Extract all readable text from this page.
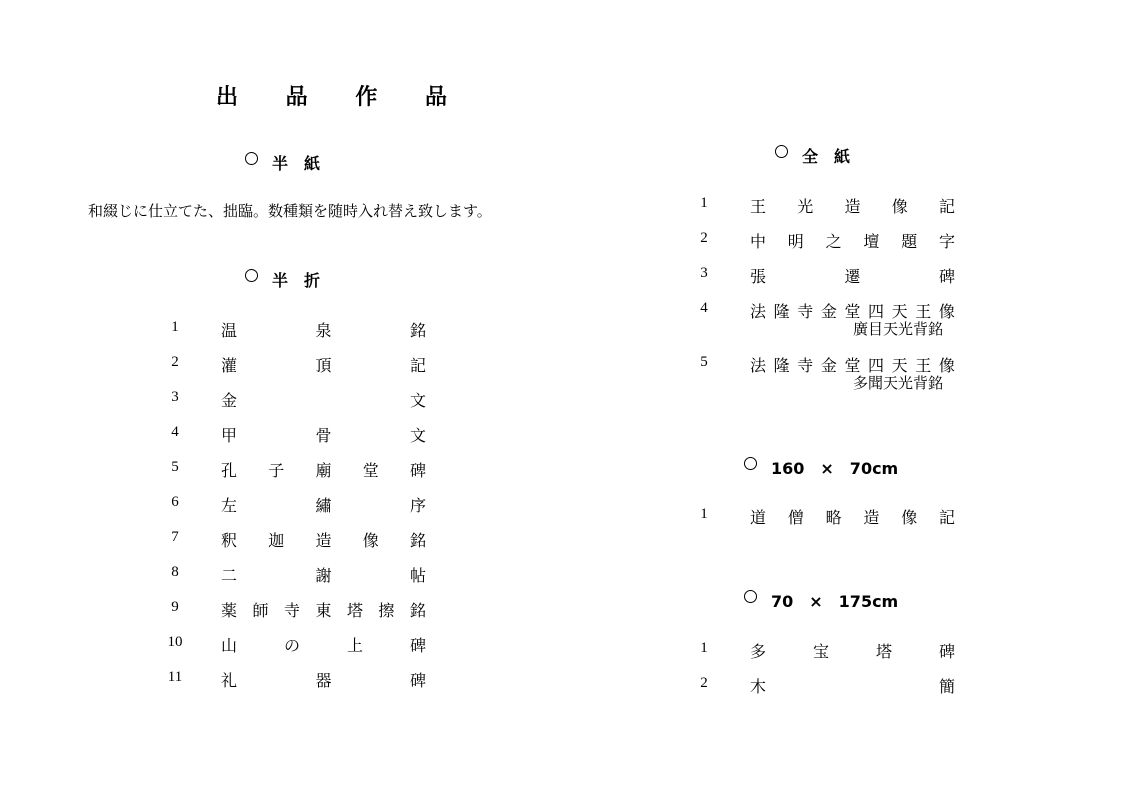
出 品 作 品
半　紙
和綴じに仕立てた、拙臨。数種類を随時入れ替え致します。
半　折
全　紙
160　×　70cm
70　×　175cm
1	温	泉	銘
2	灌	頂	記
3	金	文
4	甲	骨	文
5	孔 子 廟 堂 碑
6	左	繡	序
7	釈 迦 造 像 銘
8	二	謝	帖
9	薬 師 寺 東 塔 擦 銘
10	山	の	上	碑
11	礼	器	碑
1	王 光 造 像 記
2	中 明 之 壇 題 字
3	張	遷	碑
4	法 隆 寺 金 堂 四 天 王 像
廣目天光背銘
5	法 隆 寺 金 堂 四 天 王 像
多聞天光背銘
1	道 僧 略 造 像 記
1	多	宝	塔	碑
2	木	簡
